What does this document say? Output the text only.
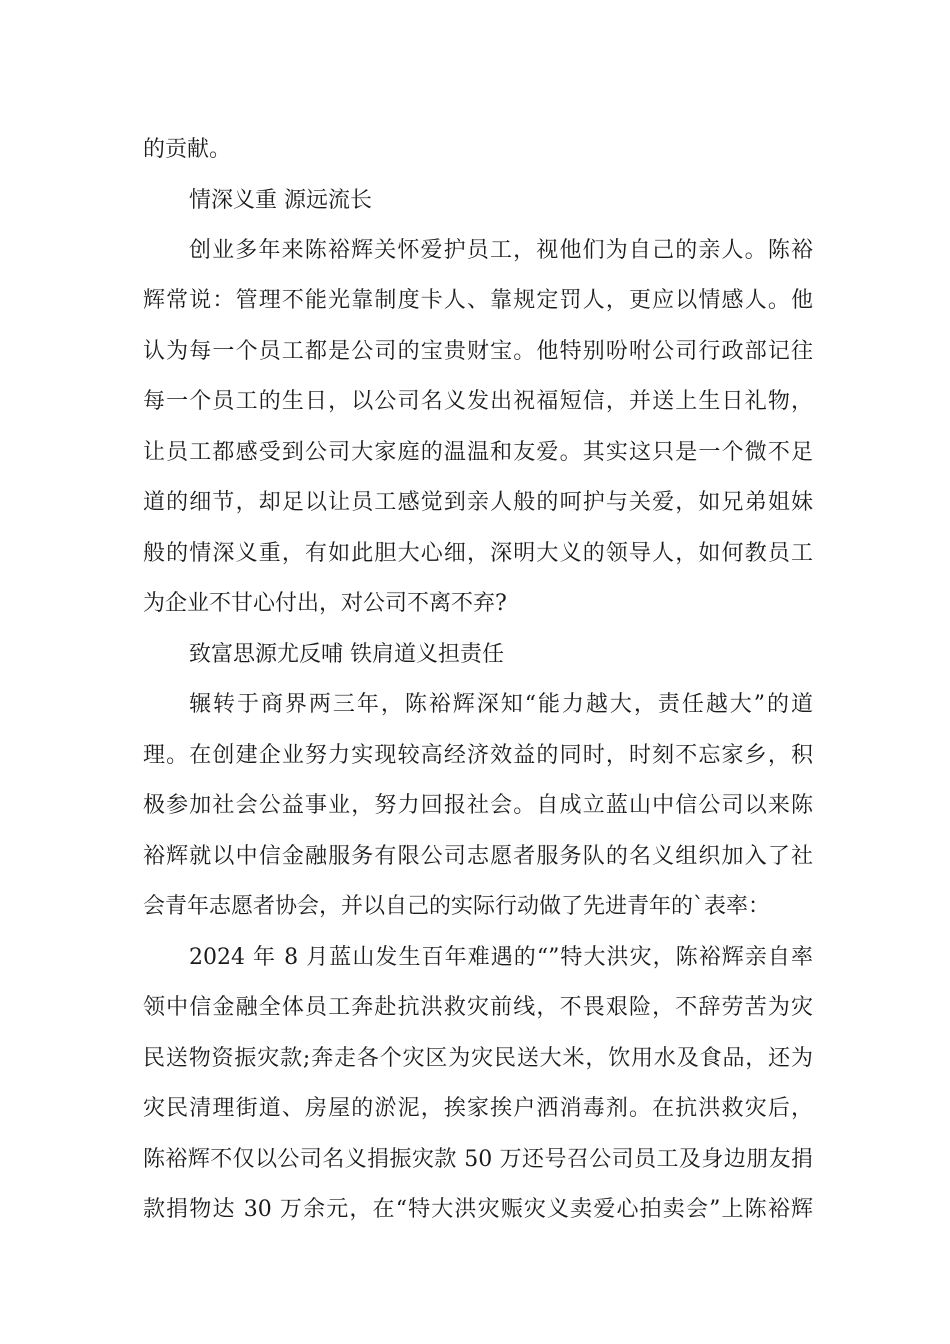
的贡献。
情深义重 源远流长
创业多年来陈裕辉关怀爱护员工，视他们为自己的亲人。陈裕
辉常说：管理不能光靠制度卡人、靠规定罚人，更应以情感人。他
认为每一个员工都是公司的宝贵财宝。他特别吩咐公司行政部记往
每一个员工的生日，以公司名义发出祝福短信，并送上生日礼物，
让员工都感受到公司大家庭的温温和友爱。其实这只是一个微不足
道的细节，却足以让员工感觉到亲人般的呵护与关爱，如兄弟姐妹
般的情深义重，有如此胆大心细，深明大义的领导人，如何教员工
为企业不甘心付出，对公司不离不弃?
致富思源尤反哺 铁肩道义担责任
辗转于商界两三年，陈裕辉深知“能力越大，责任越大”的道
理。在创建企业努力实现较高经济效益的同时，时刻不忘家乡，积
极参加社会公益事业，努力回报社会。自成立蓝山中信公司以来陈
裕辉就以中信金融服务有限公司志愿者服务队的名义组织加入了社
会青年志愿者协会，并以自己的实际行动做了先进青年的`表率：
2024 年 8 月蓝山发生百年难遇的“”特大洪灾，陈裕辉亲自率
领中信金融全体员工奔赴抗洪救灾前线，不畏艰险，不辞劳苦为灾
民送物资振灾款;奔走各个灾区为灾民送大米，饮用水及食品，还为
灾民清理街道、房屋的淤泥，挨家挨户洒消毒剂。在抗洪救灾后，
陈裕辉不仅以公司名义捐振灾款 50 万还号召公司员工及身边朋友捐
款捐物达 30 万余元，在“特大洪灾赈灾义卖爱心拍卖会”上陈裕辉
